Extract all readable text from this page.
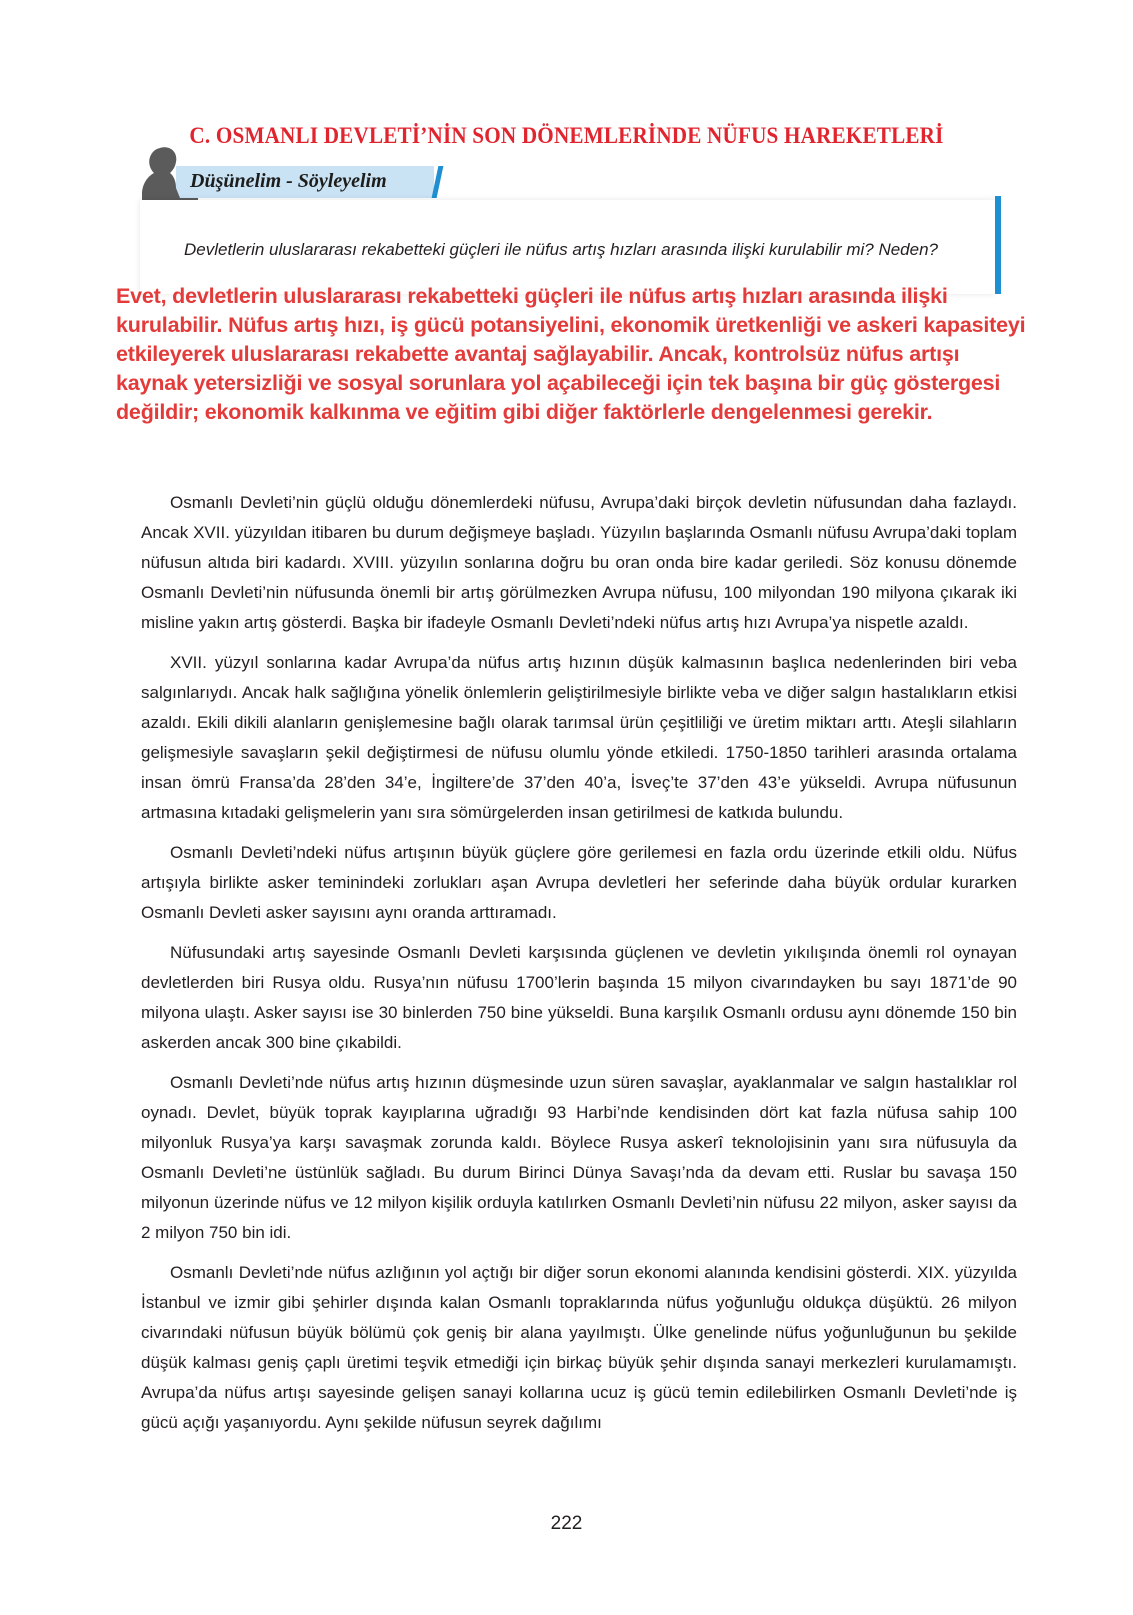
C. OSMANLI DEVLETİ’NİN SON DÖNEMLERİNDE NÜFUS HAREKETLERİ
Düşünelim - Söyleyelim

Devletlerin uluslararası rekabetteki güçleri ile nüfus artış hızları arasında ilişki kurulabilir mi? Neden?

Evet, devletlerin uluslararası rekabetteki güçleri ile nüfus artış hızları arasında ilişki kurulabilir. Nüfus artış hızı, iş gücü potansiyelini, ekonomik üretkenliği ve askeri kapasiteyi etkileyerek uluslararası rekabette avantaj sağlayabilir. Ancak, kontrolsüz nüfus artışı kaynak yetersizliği ve sosyal sorunlara yol açabileceği için tek başına bir güç göstergesi değildir; ekonomik kalkınma ve eğitim gibi diğer faktörlerle dengelenmesi gerekir.

Osmanlı Devleti’nin güçlü olduğu dönemlerdeki nüfusu, Avrupa’daki birçok devletin nüfusundan daha fazlaydı. Ancak XVII. yüzyıldan itibaren bu durum değişmeye başladı. Yüzyılın başlarında Osmanlı nüfusu Avrupa’daki toplam nüfusun altıda biri kadardı. XVIII. yüzyılın sonlarına doğru bu oran onda bire kadar geriledi. Söz konusu dönemde Osmanlı Devleti’nin nüfusunda önemli bir artış görülmezken Avrupa nüfusu, 100 milyondan 190 milyona çıkarak iki misline yakın artış gösterdi. Başka bir ifadeyle Osmanlı Devleti’ndeki nüfus artış hızı Avrupa’ya nispetle azaldı.

XVII. yüzyıl sonlarına kadar Avrupa’da nüfus artış hızının düşük kalmasının başlıca nedenlerinden biri veba salgınlarıydı. Ancak halk sağlığına yönelik önlemlerin geliştirilmesiyle birlikte veba ve diğer salgın hastalıkların etkisi azaldı. Ekili dikili alanların genişlemesine bağlı olarak tarımsal ürün çeşitliliği ve üretim miktarı arttı. Ateşli silahların gelişmesiyle savaşların şekil değiştirmesi de nüfusu olumlu yönde etkiledi. 1750-1850 tarihleri arasında ortalama insan ömrü Fransa’da 28’den 34’e, İngiltere’de 37’den 40’a, İsveç’te 37’den 43’e yükseldi. Avrupa nüfusunun artmasına kıtadaki gelişmelerin yanı sıra sömürgelerden insan getirilmesi de katkıda bulundu.

Osmanlı Devleti’ndeki nüfus artışının büyük güçlere göre gerilemesi en fazla ordu üzerinde etkili oldu. Nüfus artışıyla birlikte asker teminindeki zorlukları aşan Avrupa devletleri her seferinde daha büyük ordular kurarken Osmanlı Devleti asker sayısını aynı oranda arttıramadı.

Nüfusundaki artış sayesinde Osmanlı Devleti karşısında güçlenen ve devletin yıkılışında önemli rol oynayan devletlerden biri Rusya oldu. Rusya’nın nüfusu 1700’lerin başında 15 milyon civarındayken bu sayı 1871’de 90 milyona ulaştı. Asker sayısı ise 30 binlerden 750 bine yükseldi. Buna karşılık Osmanlı ordusu aynı dönemde 150 bin askerden ancak 300 bine çıkabildi.

Osmanlı Devleti’nde nüfus artış hızının düşmesinde uzun süren savaşlar, ayaklanmalar ve salgın hastalıklar rol oynadı. Devlet, büyük toprak kayıplarına uğradığı 93 Harbi’nde kendisinden dört kat fazla nüfusa sahip 100 milyonluk Rusya’ya karşı savaşmak zorunda kaldı. Böylece Rusya askerî teknolojisinin yanı sıra nüfusuyla da Osmanlı Devleti’ne üstünlük sağladı. Bu durum Birinci Dünya Savaşı’nda da devam etti. Ruslar bu savaşa 150 milyonun üzerinde nüfus ve 12 milyon kişilik orduyla katılırken Osmanlı Devleti’nin nüfusu 22 milyon, asker sayısı da 2 milyon 750 bin idi.

Osmanlı Devleti’nde nüfus azlığının yol açtığı bir diğer sorun ekonomi alanında kendisini gösterdi. XIX. yüzyılda İstanbul ve izmir gibi şehirler dışında kalan Osmanlı topraklarında nüfus yoğunluğu oldukça düşüktü. 26 milyon civarındaki nüfusun büyük bölümü çok geniş bir alana yayılmıştı. Ülke genelinde nüfus yoğunluğunun bu şekilde düşük kalması geniş çaplı üretimi teşvik etmediği için birkaç büyük şehir dışında sanayi merkezleri kurulamamıştı. Avrupa’da nüfus artışı sayesinde gelişen sanayi kollarına ucuz iş gücü temin edilebilirken Osmanlı Devleti’nde iş gücü açığı yaşanıyordu. Aynı şekilde nüfusun seyrek dağılımı

222
